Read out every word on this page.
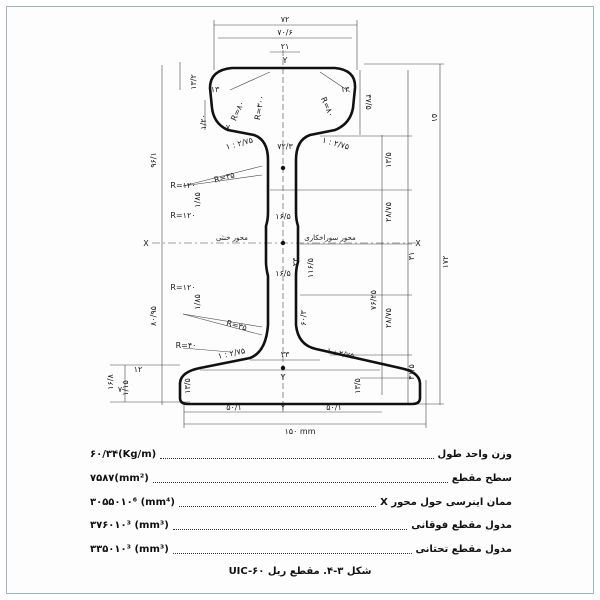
۷۲
۷۰/۶
۲۱
Y
R=۳۰۰
R=۸۰	R=۸۰
۱۳	۱۳
۷
۱/۲۰
۱۳/۲
۳۷/۵
۵۱
۱ : ۲/۷۵	۱ : ۲/۷۵
۷۲/۳
R=۱۲۰
R=۳۵
R=۱۲۰
۱/۸۵
۱۶/۵
۱۶/۵
X	X
محور خنثی	محور سوراخکاری
R=۱۲۰
R=۳۵
R=۴۰
۱/۸۵
۸۰/۹۵
۹۶/۱
۲۳
۶۰/۳
۱۱۶/۵
۱۳/۵
۲۸/۷۵
۳۱
۷۶/۲۵
۲۸/۷۵
۳۱/۵
۱۷۲
۳۳
۱ : ۲/۷۵	۱ : ۲/۷۵
۷
۱۲
۱۶/۸ ۱/۱۵	۱۳/۵	۱۳/۵
Y
۵۰/۱	۵۰/۱
Y
۱۵۰ mm
وزن واحد طول
۶۰/۳۴(Kg/m)
سطح مقطع
۷۵۸۷(mm²)
ممان اینرسی حول محور X
۳۰۵۵۰۱۰⁶ (mm⁴)
مدول مقطع فوقانی
۳۷۶۰۱۰³ (mm³)
مدول مقطع تحتانی
۳۳۵۰۱۰³ (mm³)
شکل ۳-۴. مقطع ریل UIC-۶۰
